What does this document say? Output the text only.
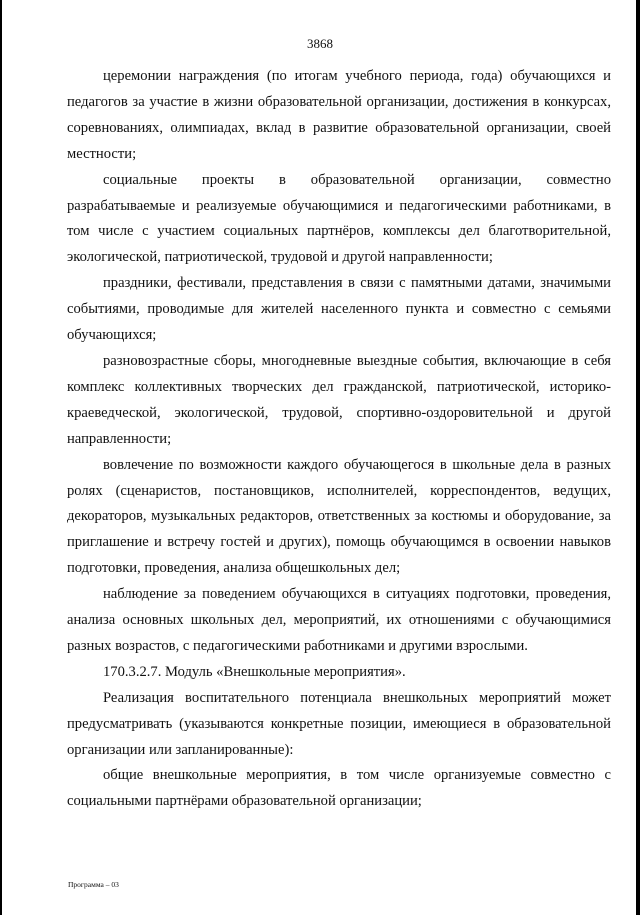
3868

церемонии награждения (по итогам учебного периода, года) обучающихся и педагогов за участие в жизни образовательной организации, достижения в конкурсах, соревнованиях, олимпиадах, вклад в развитие образовательной организации, своей местности;

социальные проекты в образовательной организации, совместно разрабатываемые и реализуемые обучающимися и педагогическими работниками, в том числе с участием социальных партнёров, комплексы дел благотворительной, экологической, патриотической, трудовой и другой направленности;

праздники, фестивали, представления в связи с памятными датами, значимыми событиями, проводимые для жителей населенного пункта и совместно с семьями обучающихся;

разновозрастные сборы, многодневные выездные события, включающие в себя комплекс коллективных творческих дел гражданской, патриотической, историко-краеведческой, экологической, трудовой, спортивно-оздоровительной и другой направленности;

вовлечение по возможности каждого обучающегося в школьные дела в разных ролях (сценаристов, постановщиков, исполнителей, корреспондентов, ведущих, декораторов, музыкальных редакторов, ответственных за костюмы и оборудование, за приглашение и встречу гостей и других), помощь обучающимся в освоении навыков подготовки, проведения, анализа общешкольных дел;

наблюдение за поведением обучающихся в ситуациях подготовки, проведения, анализа основных школьных дел, мероприятий, их отношениями с обучающимися разных возрастов, с педагогическими работниками и другими взрослыми.

170.3.2.7. Модуль «Внешкольные мероприятия».

Реализация воспитательного потенциала внешкольных мероприятий может предусматривать (указываются конкретные позиции, имеющиеся в образовательной организации или запланированные):

общие внешкольные мероприятия, в том числе организуемые совместно с социальными партнёрами образовательной организации;

Программа – 03
